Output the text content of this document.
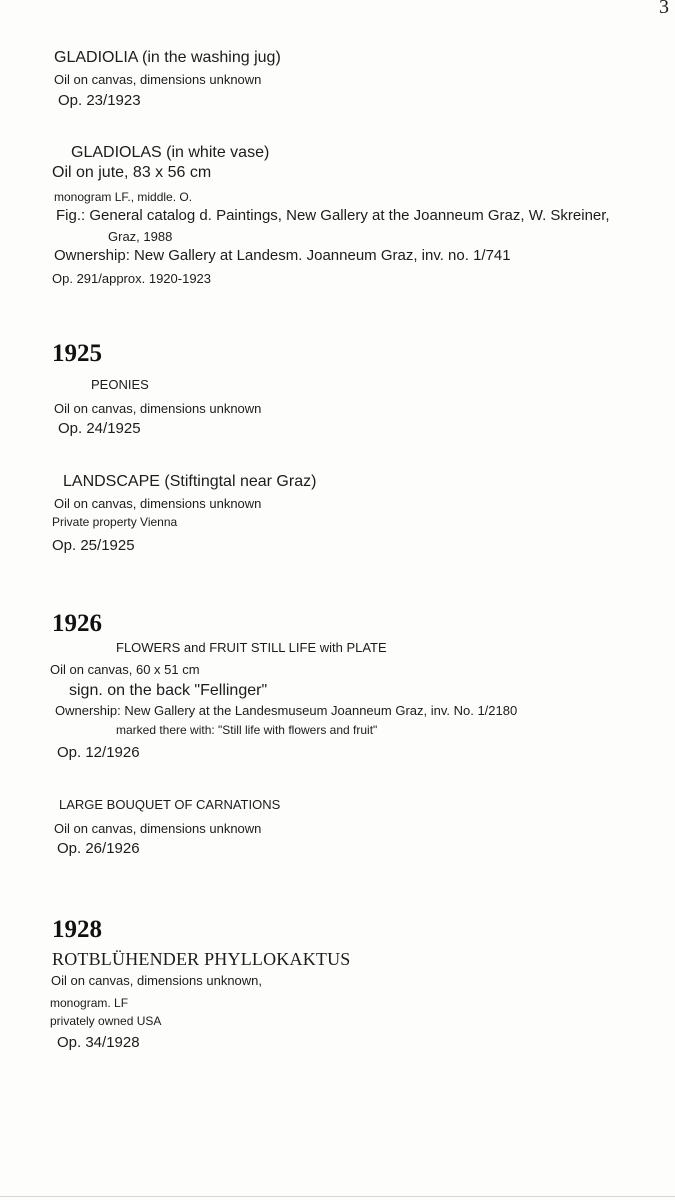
3
GLADIOLIA (in the washing jug)
Oil on canvas, dimensions unknown
Op. 23/1923
GLADIOLAS (in white vase)
Oil on jute, 83 x 56 cm
monogram LF., middle. O.
Fig.: General catalog d. Paintings, New Gallery at the Joanneum Graz, W. Skreiner,
Graz, 1988
Ownership: New Gallery at Landesm. Joanneum Graz, inv. no. 1/741
Op. 291/approx. 1920-1923
1925
PEONIES
Oil on canvas, dimensions unknown
Op. 24/1925
LANDSCAPE (Stiftingtal near Graz)
Oil on canvas, dimensions unknown
Private property Vienna
Op. 25/1925
1926
FLOWERS and FRUIT STILL LIFE with PLATE
Oil on canvas, 60 x 51 cm
sign. on the back "Fellinger"
Ownership: New Gallery at the Landesmuseum Joanneum Graz, inv. No. 1/2180
marked there with: "Still life with flowers and fruit"
Op. 12/1926
LARGE BOUQUET OF CARNATIONS
Oil on canvas, dimensions unknown
Op. 26/1926
1928
ROTBLÜHENDER PHYLLOKAKTUS
Oil on canvas, dimensions unknown,
monogram. LF
privately owned USA
Op. 34/1928
